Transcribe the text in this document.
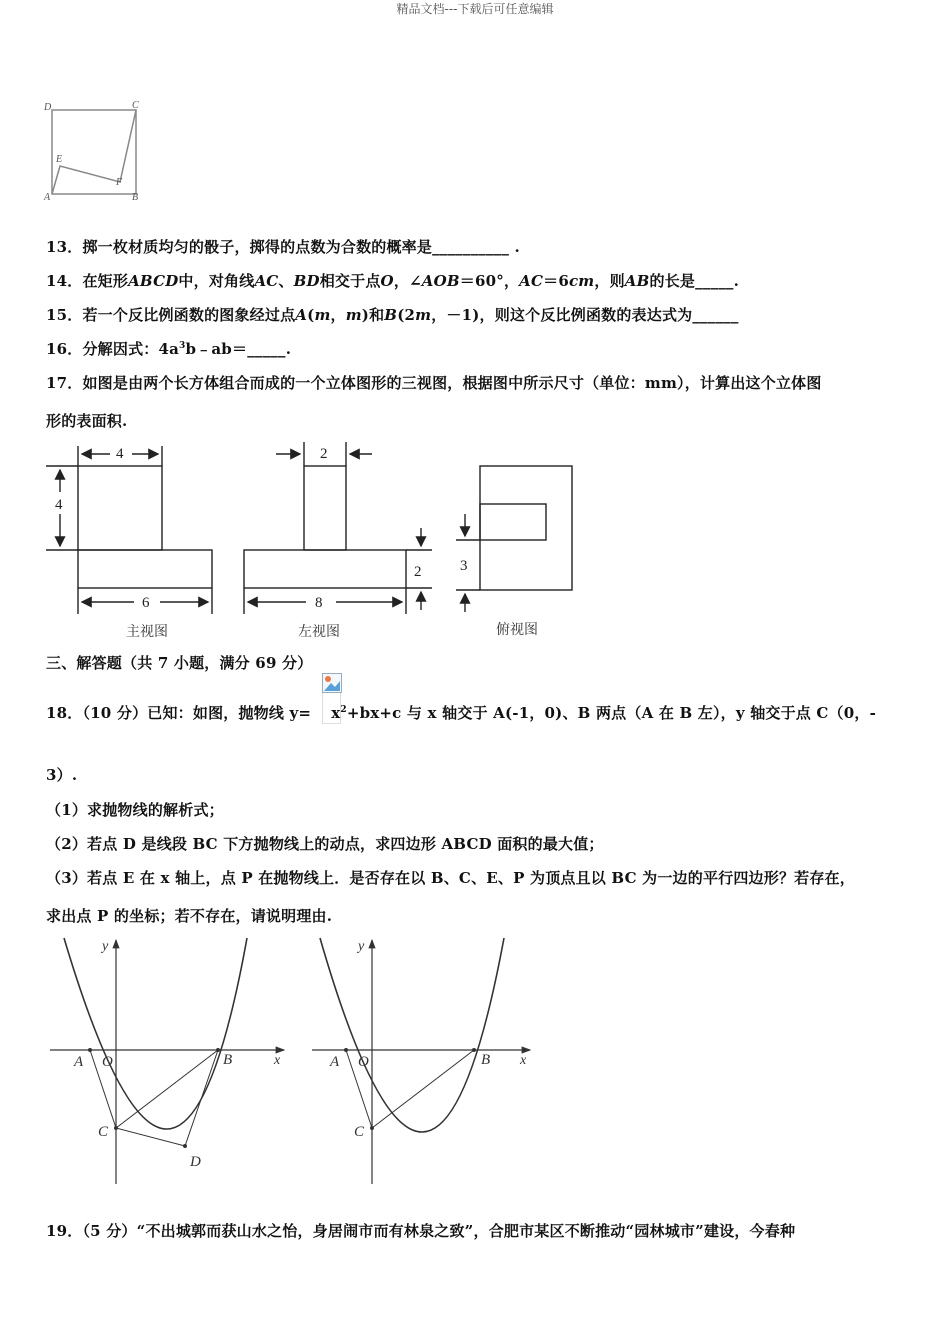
精品文档---下载后可任意编辑
D	C
E
A
F
B
13．掷一枚材质均匀的骰子，掷得的点数为合数的概率是__________ .
14．在矩形ABCD中，对角线AC、BD相交于点O，∠AOB＝60°，AC＝6cm，则AB的长是_____.
15．若一个反比例函数的图象经过点A(m，m)和B(2m，－1)，则这个反比例函数的表达式为______
16．分解因式：$4a^3b﹣ab=\_\_\_\_\_$.
17．如图是由两个长方体组合而成的一个立体图形的三视图，根据图中所示尺寸（单位：mm），计算出这个立体图
形的表面积.
4
4
6
主视图
2
2
8
左视图
3
俯视图
三、解答题（共 7 小题，满分 69 分）
18．（10 分）已知：如图，抛物线 $y= x^2+bx+c$ 与 x 轴交于 A(-1，0)、B 两点（A 在 B 左），y 轴交于点 C（0，-
3）.
（1）求抛物线的解析式；
（2）若点 D 是线段 BC 下方抛物线上的动点，求四边形 ABCD 面积的最大值；
（3）若点 E 在 x 轴上，点 P 在抛物线上．是否存在以 B、C、E、P 为顶点且以 BC 为一边的平行四边形？若存在，
求出点 P 的坐标；若不存在，请说明理由.
y
x
A O	B
C
D
y
x
A O	B
C
19．（5 分）“不出城郭而获山水之怡，身居闹市而有林泉之致”，合肥市某区不断推动“园林城市”建设，今春种
